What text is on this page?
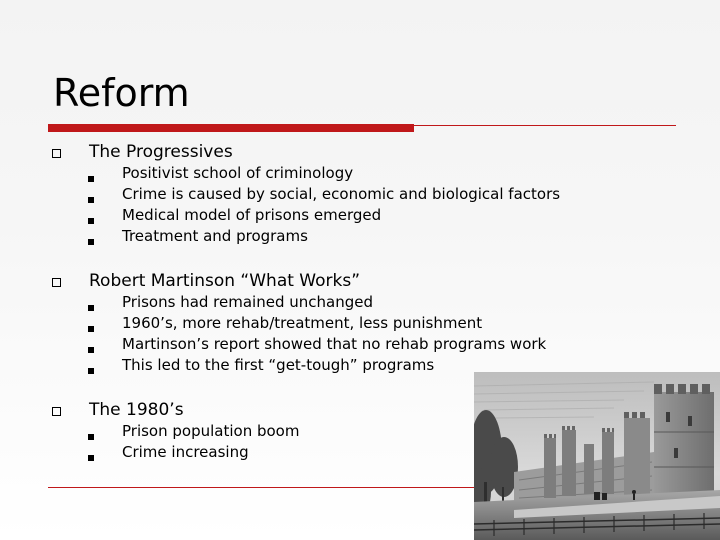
Reform
The Progressives
Positivist school of criminology
Crime is caused by social, economic and biological factors
Medical model of prisons emerged
Treatment and programs
Robert Martinson “What Works”
Prisons had remained unchanged
1960’s, more rehab/treatment, less punishment
Martinson’s report showed that no rehab programs work
This led to the first “get-tough” programs
The 1980’s
Prison population boom
Crime increasing
